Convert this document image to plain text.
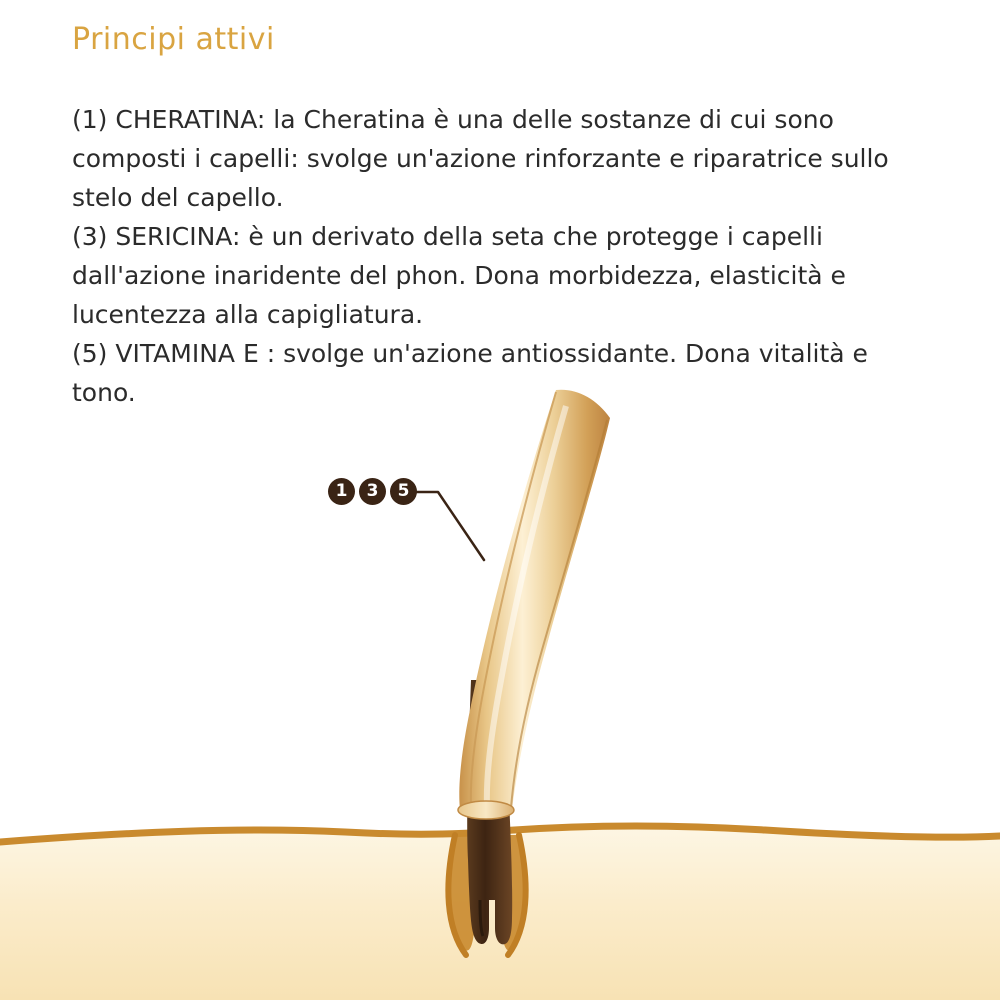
Principi attivi

(1) CHERATINA: la Cheratina è una delle sostanze di cui sono composti i capelli: svolge un'azione rinforzante e riparatrice sullo stelo del capello.

(3) SERICINA: è un derivato della seta che protegge i capelli dall'azione inaridente del phon. Dona morbidezza, elasticità e lucentezza alla capigliatura.

(5) VITAMINA E : svolge un'azione antiossidante. Dona vitalità e tono.

1	3	5
